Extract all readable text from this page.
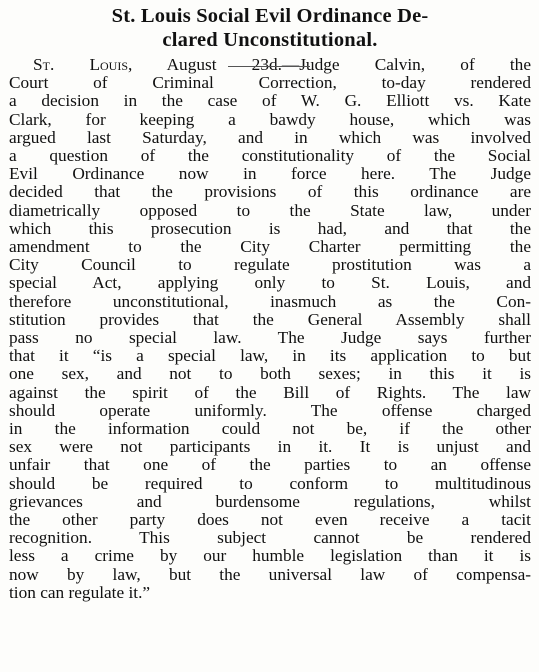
St. Louis Social Evil Ordinance De-
clared Unconstitutional.
St. Louis, August 23d.—Judge Calvin, of the
Court of Criminal Correction, to-day rendered
a decision in the case of W. G. Elliott vs. Kate
Clark, for keeping a bawdy house, which was
argued last Saturday, and in which was involved
a question of the constitutionality of the Social
Evil Ordinance now in force here. The Judge
decided that the provisions of this ordinance are
diametrically opposed to the State law, under
which this prosecution is had, and that the
amendment to the City Charter permitting the
City Council to regulate prostitution was a
special Act, applying only to St. Louis, and
therefore unconstitutional, inasmuch as the Con-
stitution provides that the General Assembly shall
pass no special law. The Judge says further
that it “is a special law, in its application to but
one sex, and not to both sexes; in this it is
against the spirit of the Bill of Rights. The law
should operate uniformly. The offense charged
in the information could not be, if the other
sex were not participants in it. It is unjust and
unfair that one of the parties to an offense
should be required to conform to multitudinous
grievances and burdensome regulations, whilst
the other party does not even receive a tacit
recognition. This subject cannot be rendered
less a crime by our humble legislation than it is
now by law, but the universal law of compensa-
tion can regulate it.”
